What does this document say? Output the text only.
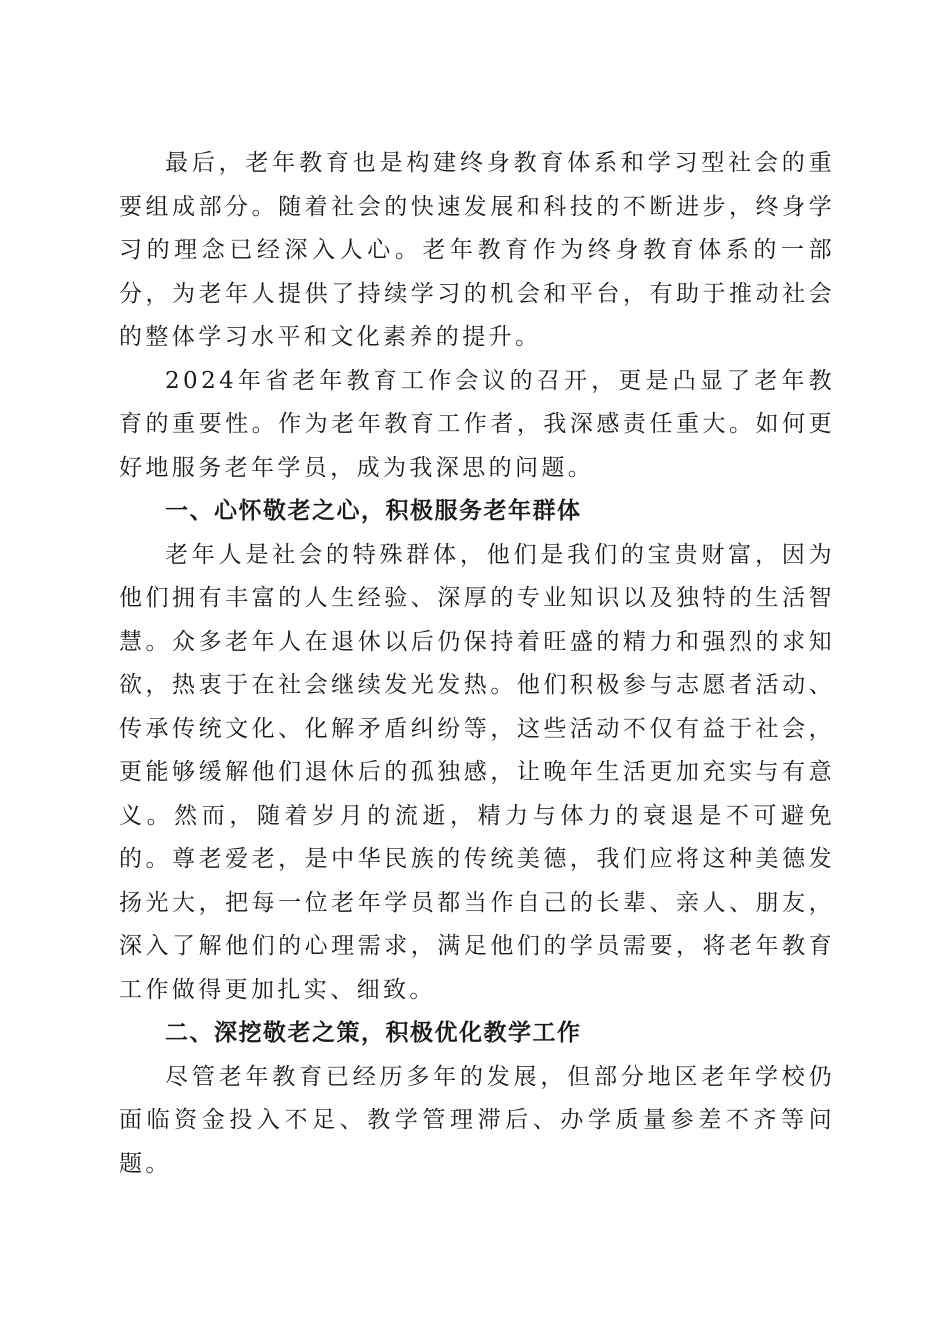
最后，老年教育也是构建终身教育体系和学习型社会的重要组成部分。随着社会的快速发展和科技的不断进步，终身学习的理念已经深入人心。老年教育作为终身教育体系的一部分，为老年人提供了持续学习的机会和平台，有助于推动社会的整体学习水平和文化素养的提升。

2024年省老年教育工作会议的召开，更是凸显了老年教育的重要性。作为老年教育工作者，我深感责任重大。如何更好地服务老年学员，成为我深思的问题。

一、心怀敬老之心，积极服务老年群体

老年人是社会的特殊群体，他们是我们的宝贵财富，因为他们拥有丰富的人生经验、深厚的专业知识以及独特的生活智慧。众多老年人在退休以后仍保持着旺盛的精力和强烈的求知欲，热衷于在社会继续发光发热。他们积极参与志愿者活动、传承传统文化、化解矛盾纠纷等，这些活动不仅有益于社会，更能够缓解他们退休后的孤独感，让晚年生活更加充实与有意义。然而，随着岁月的流逝，精力与体力的衰退是不可避免的。尊老爱老，是中华民族的传统美德，我们应将这种美德发扬光大，把每一位老年学员都当作自己的长辈、亲人、朋友，深入了解他们的心理需求，满足他们的学员需要，将老年教育工作做得更加扎实、细致。

二、深挖敬老之策，积极优化教学工作

尽管老年教育已经历多年的发展，但部分地区老年学校仍面临资金投入不足、教学管理滞后、办学质量参差不齐等问题。
